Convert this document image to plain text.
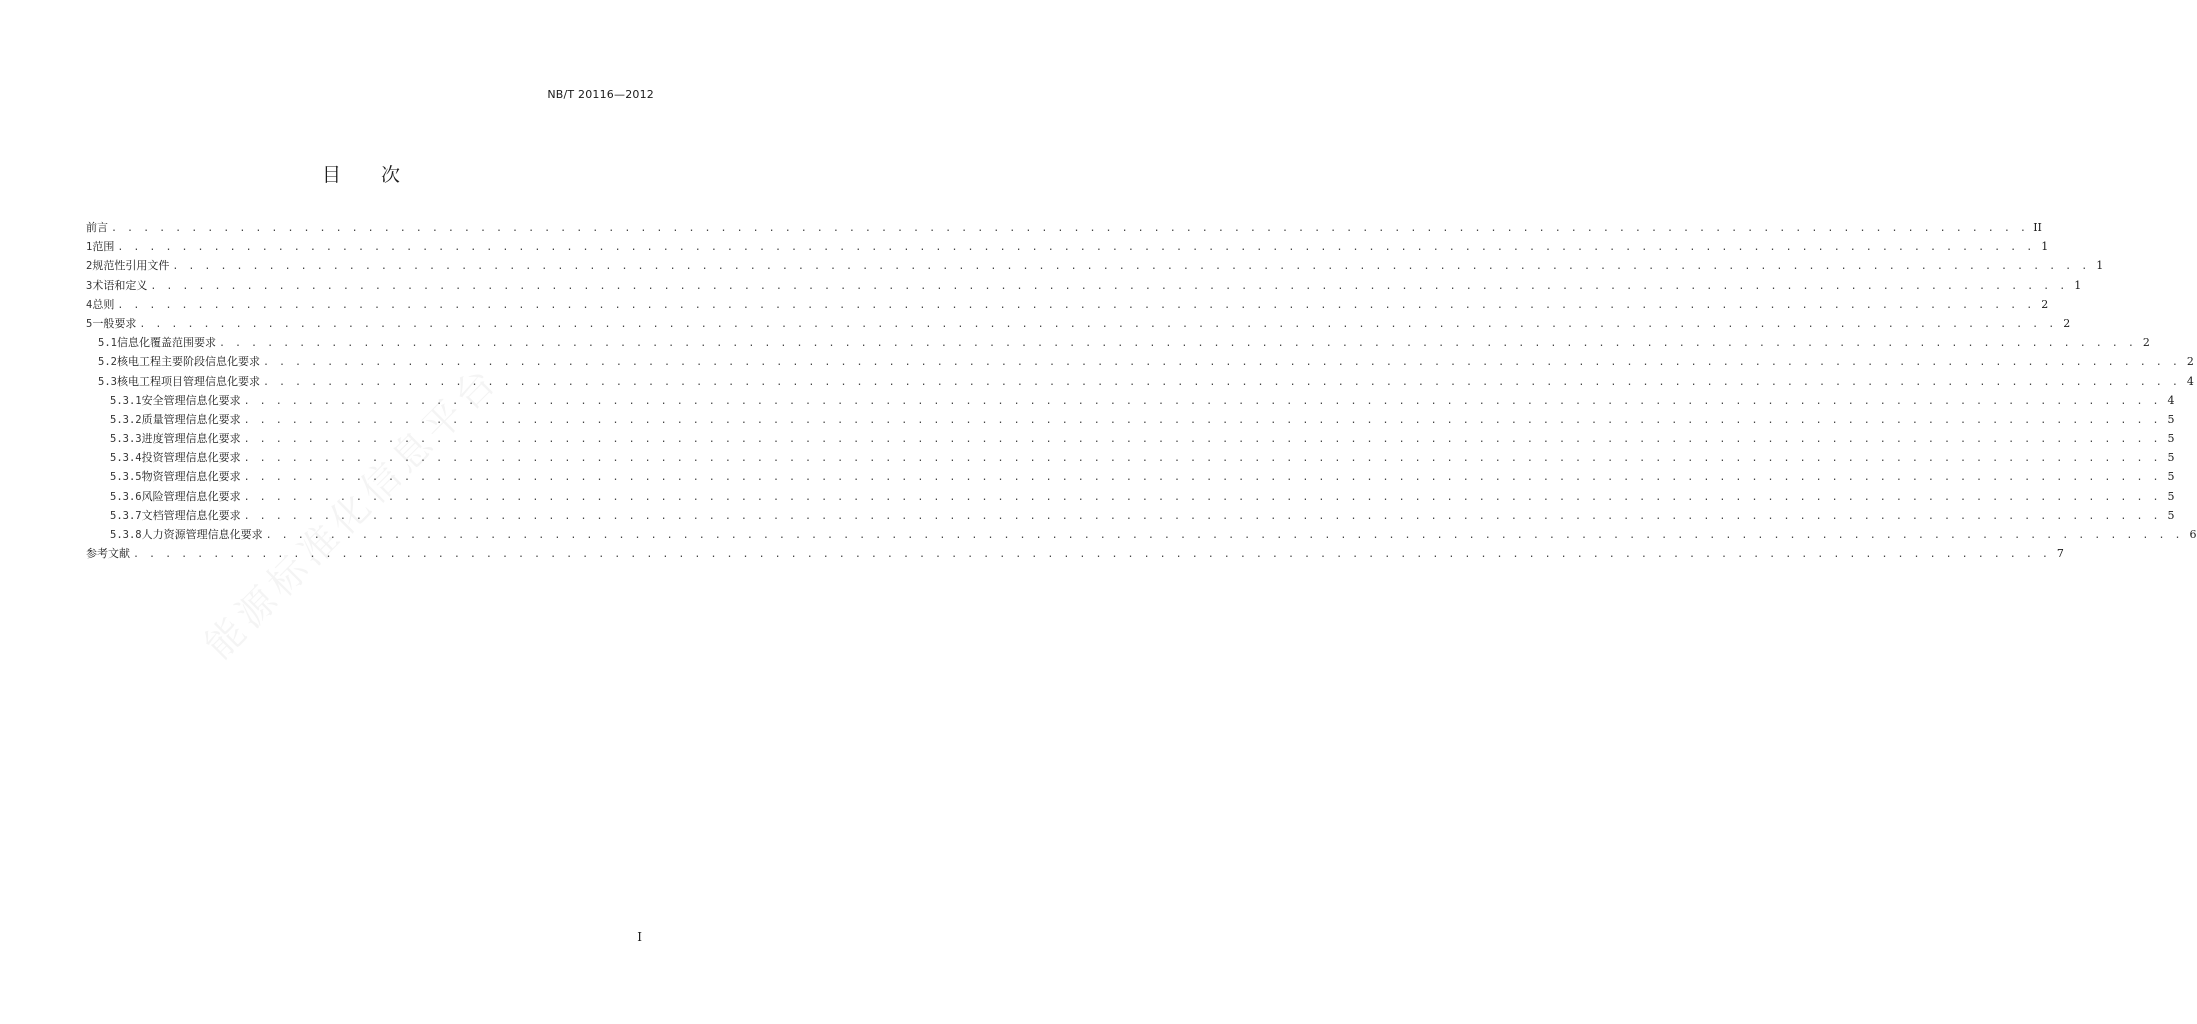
NB/T 20116—2012
目 次
前言 . . . . . . . . . . . . . . . . . . . . . . . . . . . . . . . . . . . . . . . . . . . . . . . . . . . . . . . . . . . . . . . . . . . . . . . . . . . . . . . . . . . . . . . . . . . . . . . . . . . . . . . . . . . . . . . . . . . . . . . . II
1 范围 . . . . . . . . . . . . . . . . . . . . . . . . . . . . . . . . . . . . . . . . . . . . . . . . . . . . . . . . . . . . . . . . . . . . . . . . . . . . . . . . . . . . . . . . . . . . . . . . . . . . . . . . . . . . . . . . . . . . . . . . 1
2 规范性引用文件 . . . . . . . . . . . . . . . . . . . . . . . . . . . . . . . . . . . . . . . . . . . . . . . . . . . . . . . . . . . . . . . . . . . . . . . . . . . . . . . . . . . . . . . . . . . . . . . . . . . . . . . . . . . . . . . . . . . . . . . . 1
3 术语和定义 . . . . . . . . . . . . . . . . . . . . . . . . . . . . . . . . . . . . . . . . . . . . . . . . . . . . . . . . . . . . . . . . . . . . . . . . . . . . . . . . . . . . . . . . . . . . . . . . . . . . . . . . . . . . . . . . . . . . . . . . 1
4 总则 . . . . . . . . . . . . . . . . . . . . . . . . . . . . . . . . . . . . . . . . . . . . . . . . . . . . . . . . . . . . . . . . . . . . . . . . . . . . . . . . . . . . . . . . . . . . . . . . . . . . . . . . . . . . . . . . . . . . . . . . 2
5 一般要求 . . . . . . . . . . . . . . . . . . . . . . . . . . . . . . . . . . . . . . . . . . . . . . . . . . . . . . . . . . . . . . . . . . . . . . . . . . . . . . . . . . . . . . . . . . . . . . . . . . . . . . . . . . . . . . . . . . . . . . . . 2
5.1 信息化覆盖范围要求 . . . . . . . . . . . . . . . . . . . . . . . . . . . . . . . . . . . . . . . . . . . . . . . . . . . . . . . . . . . . . . . . . . . . . . . . . . . . . . . . . . . . . . . . . . . . . . . . . . . . . . . . . . . . . . . . . . . . . . . . 2
5.2 核电工程主要阶段信息化要求 . . . . . . . . . . . . . . . . . . . . . . . . . . . . . . . . . . . . . . . . . . . . . . . . . . . . . . . . . . . . . . . . . . . . . . . . . . . . . . . . . . . . . . . . . . . . . . . . . . . . . . . . . . . . . . . . . . . . . . . . 2
5.3 核电工程项目管理信息化要求 . . . . . . . . . . . . . . . . . . . . . . . . . . . . . . . . . . . . . . . . . . . . . . . . . . . . . . . . . . . . . . . . . . . . . . . . . . . . . . . . . . . . . . . . . . . . . . . . . . . . . . . . . . . . . . . . . . . . . . . . 4
5.3.1 安全管理信息化要求 . . . . . . . . . . . . . . . . . . . . . . . . . . . . . . . . . . . . . . . . . . . . . . . . . . . . . . . . . . . . . . . . . . . . . . . . . . . . . . . . . . . . . . . . . . . . . . . . . . . . . . . . . . . . . . . . . . . . . . . . 4
5.3.2 质量管理信息化要求 . . . . . . . . . . . . . . . . . . . . . . . . . . . . . . . . . . . . . . . . . . . . . . . . . . . . . . . . . . . . . . . . . . . . . . . . . . . . . . . . . . . . . . . . . . . . . . . . . . . . . . . . . . . . . . . . . . . . . . . . 5
5.3.3 进度管理信息化要求 . . . . . . . . . . . . . . . . . . . . . . . . . . . . . . . . . . . . . . . . . . . . . . . . . . . . . . . . . . . . . . . . . . . . . . . . . . . . . . . . . . . . . . . . . . . . . . . . . . . . . . . . . . . . . . . . . . . . . . . . 5
5.3.4 投资管理信息化要求 . . . . . . . . . . . . . . . . . . . . . . . . . . . . . . . . . . . . . . . . . . . . . . . . . . . . . . . . . . . . . . . . . . . . . . . . . . . . . . . . . . . . . . . . . . . . . . . . . . . . . . . . . . . . . . . . . . . . . . . . 5
5.3.5 物资管理信息化要求 . . . . . . . . . . . . . . . . . . . . . . . . . . . . . . . . . . . . . . . . . . . . . . . . . . . . . . . . . . . . . . . . . . . . . . . . . . . . . . . . . . . . . . . . . . . . . . . . . . . . . . . . . . . . . . . . . . . . . . . . 5
5.3.6 风险管理信息化要求 . . . . . . . . . . . . . . . . . . . . . . . . . . . . . . . . . . . . . . . . . . . . . . . . . . . . . . . . . . . . . . . . . . . . . . . . . . . . . . . . . . . . . . . . . . . . . . . . . . . . . . . . . . . . . . . . . . . . . . . . 5
5.3.7 文档管理信息化要求 . . . . . . . . . . . . . . . . . . . . . . . . . . . . . . . . . . . . . . . . . . . . . . . . . . . . . . . . . . . . . . . . . . . . . . . . . . . . . . . . . . . . . . . . . . . . . . . . . . . . . . . . . . . . . . . . . . . . . . . . 5
5.3.8 人力资源管理信息化要求 . . . . . . . . . . . . . . . . . . . . . . . . . . . . . . . . . . . . . . . . . . . . . . . . . . . . . . . . . . . . . . . . . . . . . . . . . . . . . . . . . . . . . . . . . . . . . . . . . . . . . . . . . . . . . . . . . . . . . . . . 6
参考文献 . . . . . . . . . . . . . . . . . . . . . . . . . . . . . . . . . . . . . . . . . . . . . . . . . . . . . . . . . . . . . . . . . . . . . . . . . . . . . . . . . . . . . . . . . . . . . . . . . . . . . . . . . . . . . . . . . . . . . . . . 7
I
